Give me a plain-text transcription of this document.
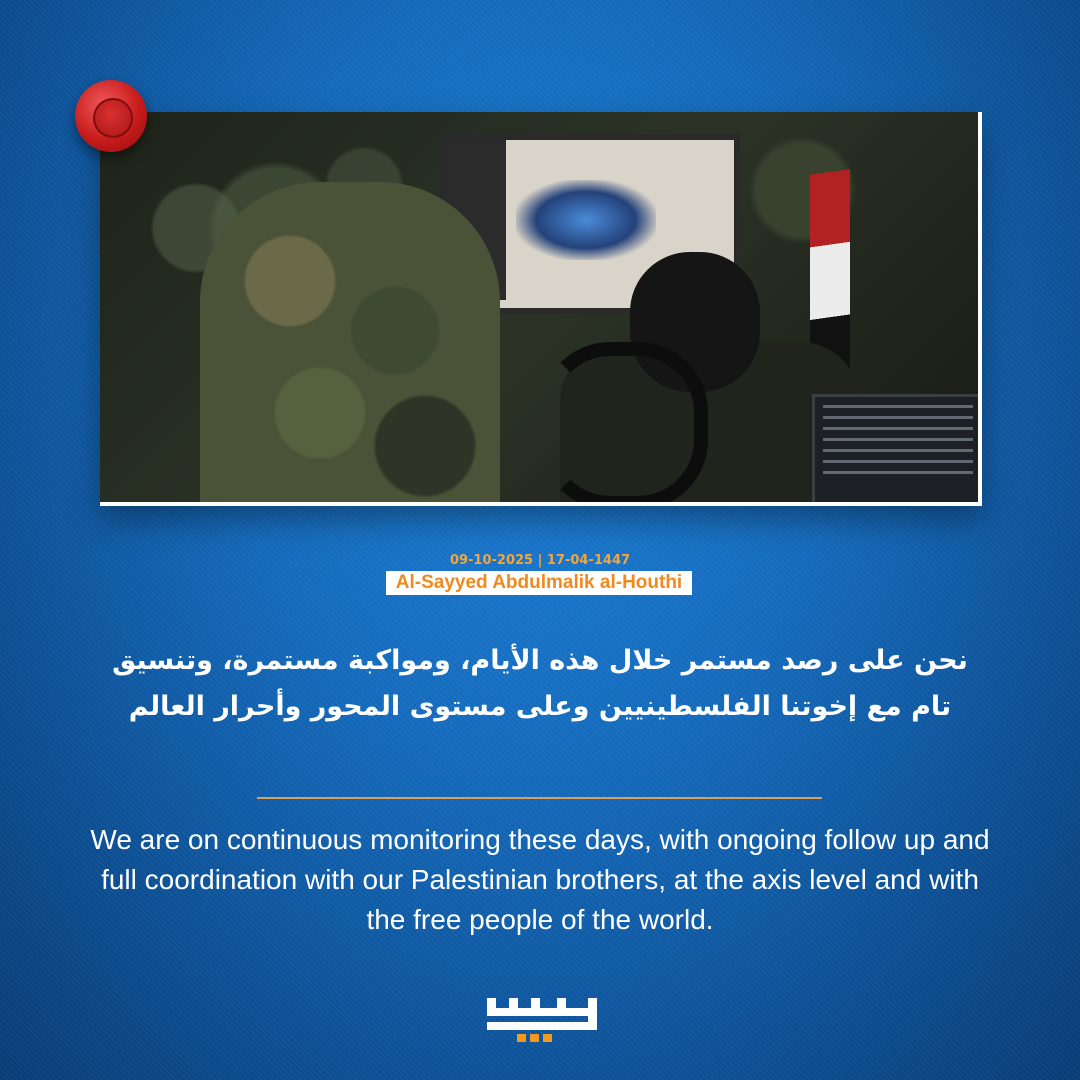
09-10-2025 | 17-04-1447
Al-Sayyed Abdulmalik al-Houthi
نحن على رصد مستمر خلال هذه الأيام، ومواكبة مستمرة، وتنسيق تام مع إخوتنا الفلسطينيين وعلى مستوى المحور وأحرار العالم
We are on continuous monitoring these days, with ongoing follow up and full coordination with our Palestinian brothers, at the axis level and with the free people of the world.
